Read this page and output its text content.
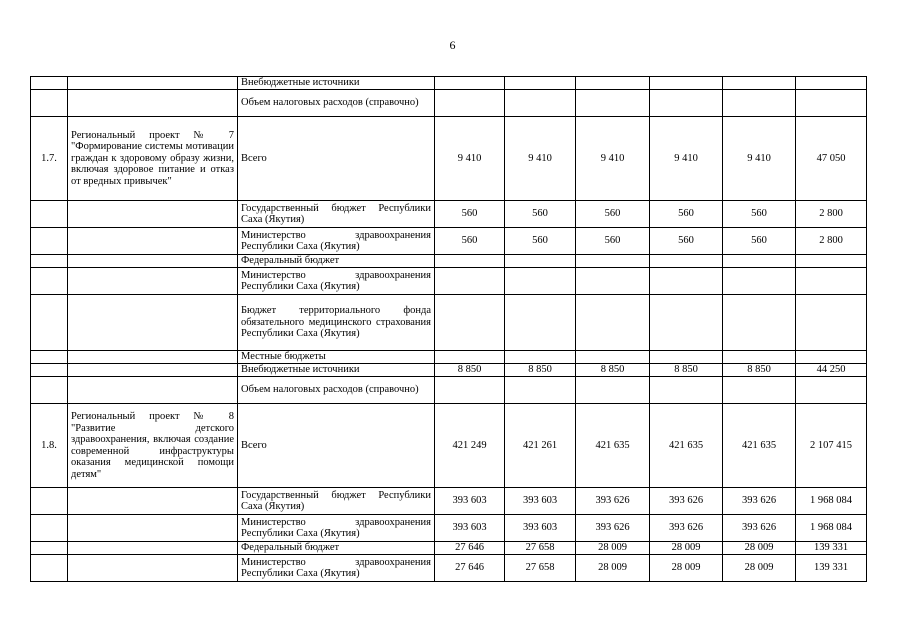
6
		Внебюджетные источники						
		Объем налоговых расходов (справочно)						
1.7.	Региональный проект № 7 "Формирование системы мотивации граждан к здоровому образу жизни, включая здоровое питание и отказ от вредных привычек"	Всего	9 410	9 410	9 410	9 410	9 410	47 050
		Государственный бюджет Республики Саха (Якутия)	560	560	560	560	560	2 800
		Министерство здравоохранения Республики Саха (Якутия)	560	560	560	560	560	2 800
		Федеральный бюджет						
		Министерство здравоохранения Республики Саха (Якутия)						
		Бюджет территориального фонда обязательного медицинского страхования Республики Саха (Якутия)						
		Местные бюджеты						
		Внебюджетные источники	8 850	8 850	8 850	8 850	8 850	44 250
		Объем налоговых расходов (справочно)						
1.8.	Региональный проект № 8 "Развитие детского здравоохранения, включая создание современной инфраструктуры оказания медицинской помощи детям"	Всего	421 249	421 261	421 635	421 635	421 635	2 107 415
		Государственный бюджет Республики Саха (Якутия)	393 603	393 603	393 626	393 626	393 626	1 968 084
		Министерство здравоохранения Республики Саха (Якутия)	393 603	393 603	393 626	393 626	393 626	1 968 084
		Федеральный бюджет	27 646	27 658	28 009	28 009	28 009	139 331
		Министерство здравоохранения Республики Саха (Якутия)	27 646	27 658	28 009	28 009	28 009	139 331
